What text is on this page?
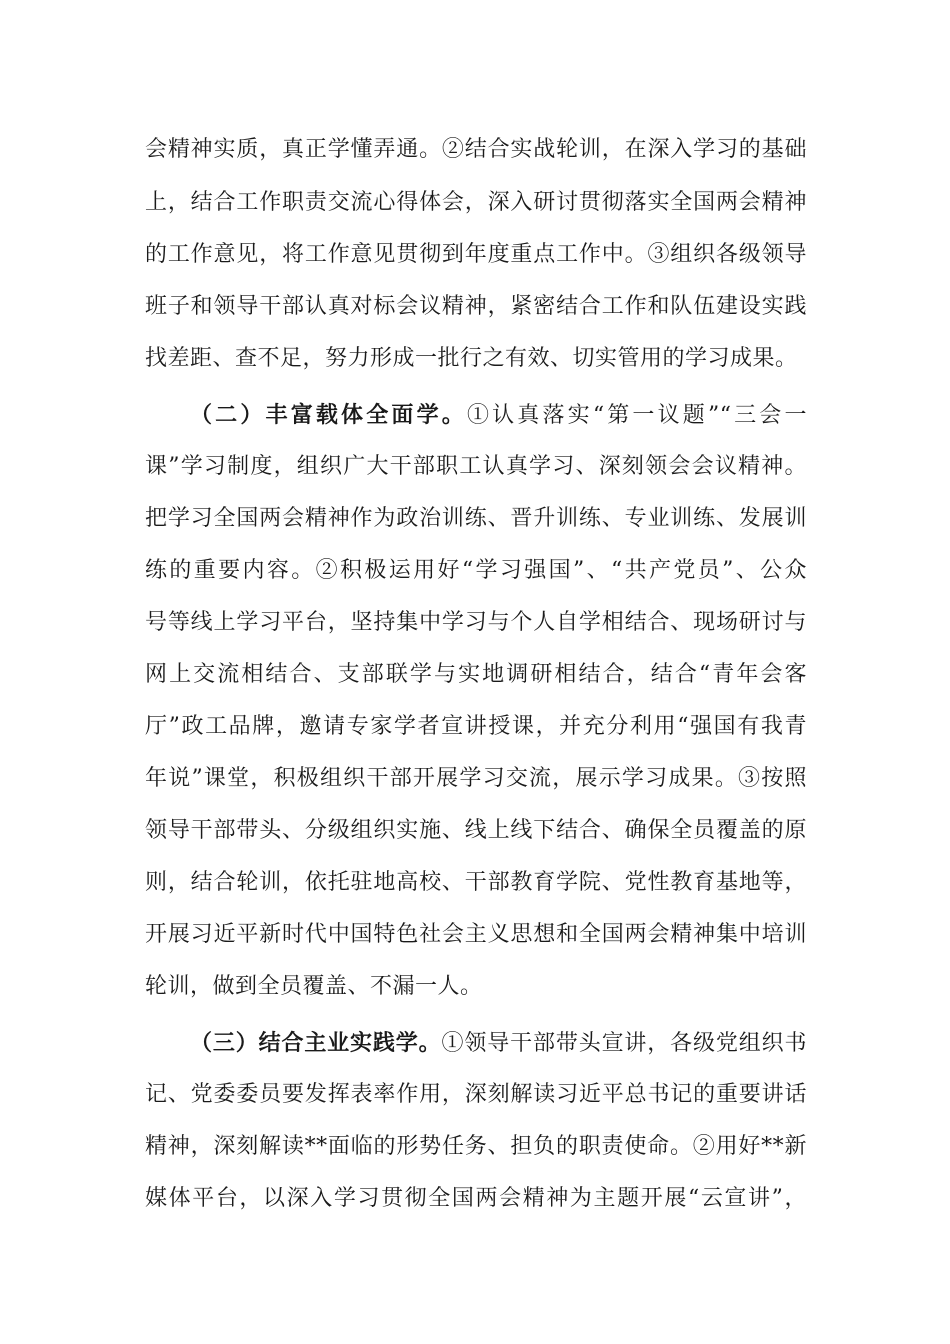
会精神实质，真正学懂弄通。②结合实战轮训，在深入学习的基础
上，结合工作职责交流心得体会，深入研讨贯彻落实全国两会精神
的工作意见，将工作意见贯彻到年度重点工作中。③组织各级领导
班子和领导干部认真对标会议精神，紧密结合工作和队伍建设实践
找差距、查不足，努力形成一批行之有效、切实管用的学习成果。
（二）丰富载体全面学。①认真落实“第一议题”“三会一
课”学习制度，组织广大干部职工认真学习、深刻领会会议精神。
把学习全国两会精神作为政治训练、晋升训练、专业训练、发展训
练的重要内容。②积极运用好“学习强国”、“共产党员”、公众
号等线上学习平台，坚持集中学习与个人自学相结合、现场研讨与
网上交流相结合、支部联学与实地调研相结合，结合“青年会客
厅”政工品牌，邀请专家学者宣讲授课，并充分利用“强国有我青
年说”课堂，积极组织干部开展学习交流，展示学习成果。③按照
领导干部带头、分级组织实施、线上线下结合、确保全员覆盖的原
则，结合轮训，依托驻地高校、干部教育学院、党性教育基地等，
开展习近平新时代中国特色社会主义思想和全国两会精神集中培训
轮训，做到全员覆盖、不漏一人。
（三）结合主业实践学。①领导干部带头宣讲，各级党组织书
记、党委委员要发挥表率作用，深刻解读习近平总书记的重要讲话
精神，深刻解读**面临的形势任务、担负的职责使命。②用好**新
媒体平台，以深入学习贯彻全国两会精神为主题开展“云宣讲”，
